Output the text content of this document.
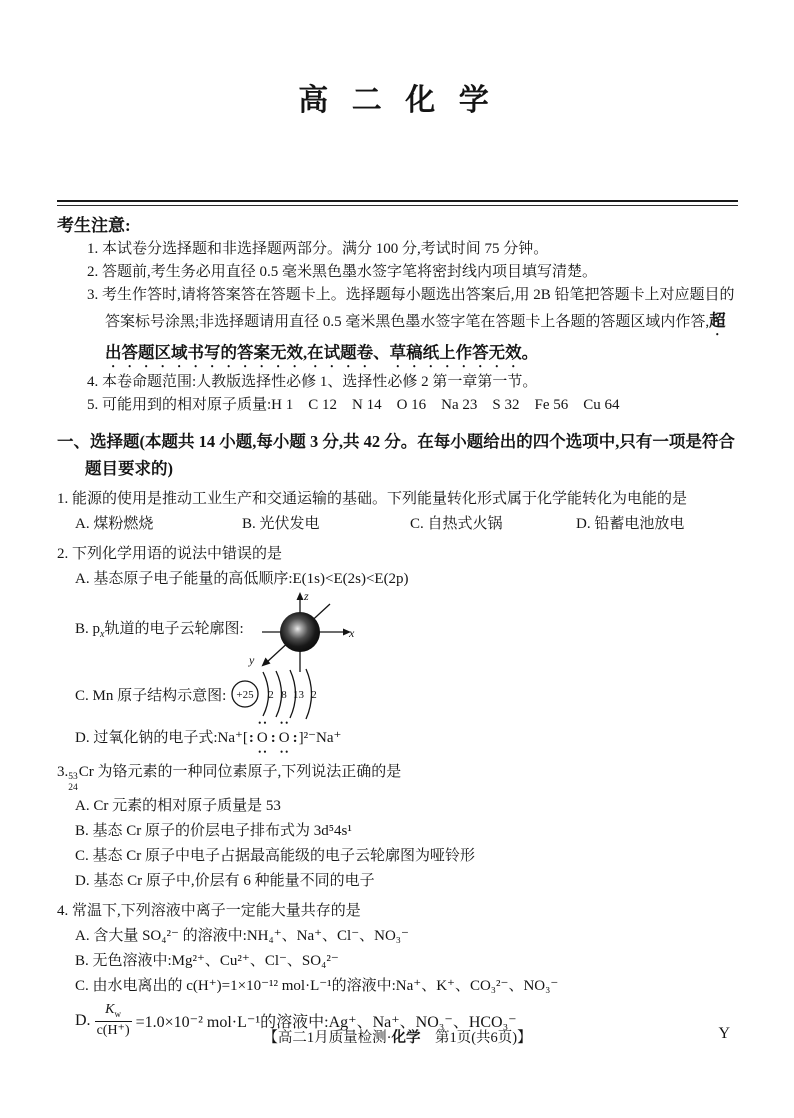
高 二 化 学

考生注意:

1. 本试卷分选择题和非选择题两部分。满分 100 分,考试时间 75 分钟。

2. 答题前,考生务必用直径 0.5 毫米黑色墨水签字笔将密封线内项目填写清楚。

3. 考生作答时,请将答案答在答题卡上。选择题每小题选出答案后,用 2B 铅笔把答题卡上对应题目的答案标号涂黑;非选择题请用直径 0.5 毫米黑色墨水签字笔在答题卡上各题的答题区域内作答,超出答题区域书写的答案无效,在试题卷、草稿纸上作答无效。

4. 本卷命题范围:人教版选择性必修 1、选择性必修 2 第一章第一节。

5. 可能用到的相对原子质量:H 1　C 12　N 14　O 16　Na 23　S 32　Fe 56　Cu 64

一、选择题(本题共 14 小题,每小题 3 分,共 42 分。在每小题给出的四个选项中,只有一项是符合题目要求的)

1. 能源的使用是推动工业生产和交通运输的基础。下列能量转化形式属于化学能转化为电能的是

A. 煤粉燃烧	B. 光伏发电	C. 自热式火锅	D. 铅蓄电池放电

2. 下列化学用语的说法中错误的是

A. 基态原子电子能量的高低顺序:E(1s)<E(2s)<E(2p)

B. $p_x$轨道的电子云轮廓图:

z
x
y

C. Mn 原子结构示意图: +25 2 8 13 2

D. 过氧化钠的电子式:Na⁺[: •• O •• : •• O •• :]²⁻Na⁺

3. 53
24
Cr 为铬元素的一种同位素原子,下列说法正确的是

A. Cr 元素的相对原子质量是 53

B. 基态 Cr 原子的价层电子排布式为 3d⁵4s¹

C. 基态 Cr 原子中电子占据最高能级的电子云轮廓图为哑铃形

D. 基态 Cr 原子中,价层有 6 种能量不同的电子

4. 常温下,下列溶液中离子一定能大量共存的是

A. 含大量 SO₄²⁻ 的溶液中:NH₄⁺、Na⁺、Cl⁻、NO₃⁻

B. 无色溶液中:Mg²⁺、Cu²⁺、Cl⁻、SO₄²⁻

C. 由水电离出的 c(H⁺)=1×10⁻¹² mol·L⁻¹的溶液中:Na⁺、K⁺、CO₃²⁻、NO₃⁻

D. $\frac{K_w}{c(H^+)} =1.0\times 10^{-2}$ mol·L⁻¹的溶液中:Ag⁺、Na⁺、NO₃⁻、HCO₃⁻
【高二1月质量检测·化学　第1页(共6页)】	Y
